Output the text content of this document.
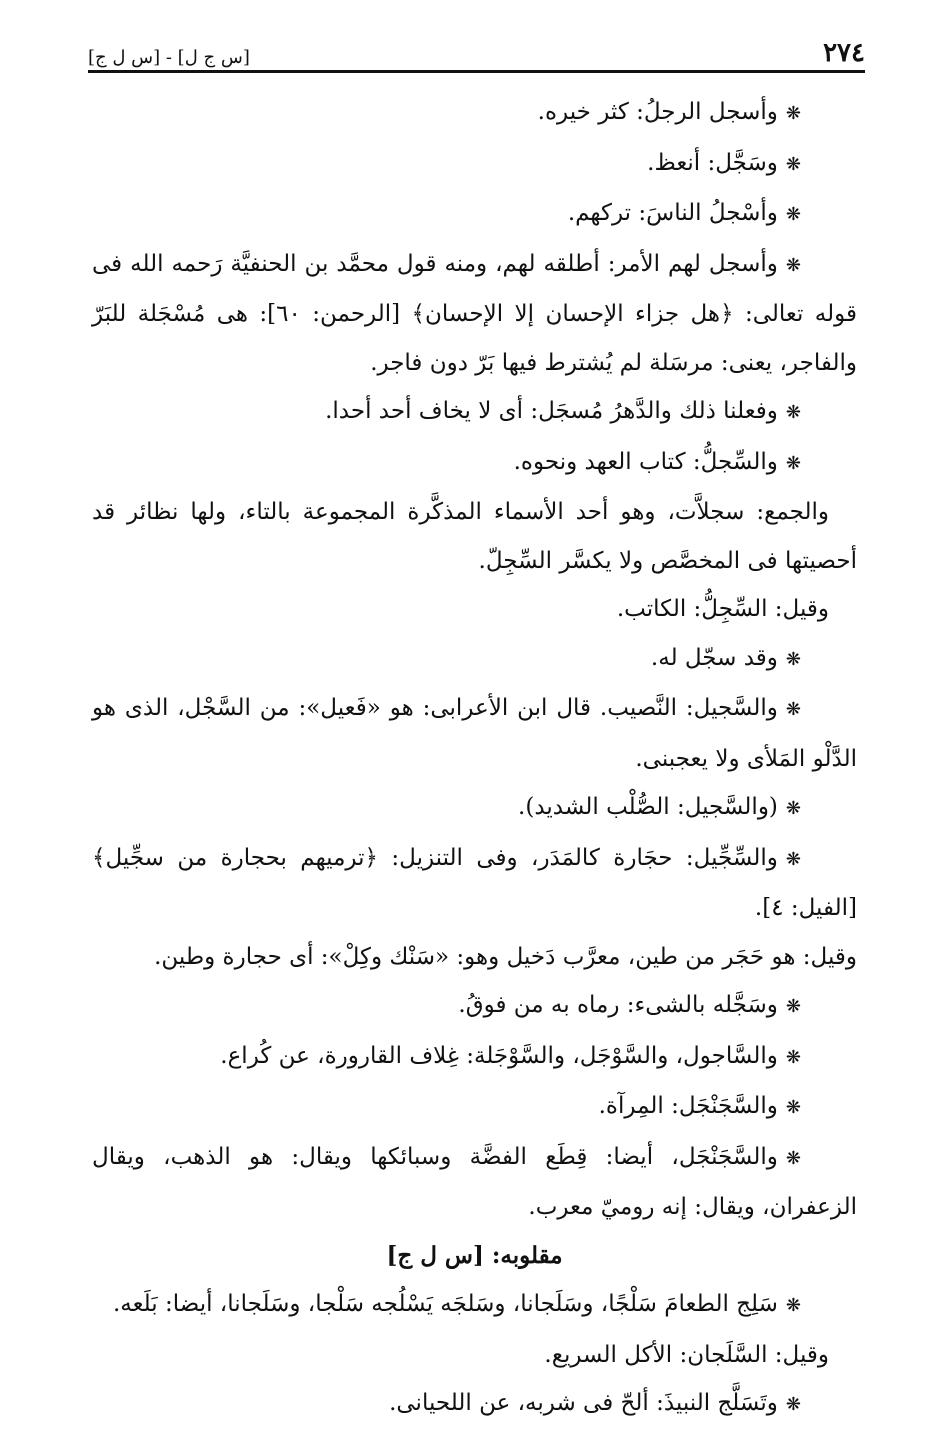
[س ج ل] - [س ل ج]	٢٧٤

❋وأسجل الرجلُ: كثر خيره.

❋وسَجَّل: أنعظ.

❋وأسْجلُ الناسَ: تركهم.

❋وأسجل لهم الأمر: أطلقه لهم، ومنه قول محمَّد بن الحنفيَّة رَحمه الله فى قوله تعالى: ﴿هل جزاء الإحسان إلا الإحسان﴾ [الرحمن: ٦٠]: هى مُسْجَلة للبَرّ والفاجر، يعنى: مرسَلة لم يُشترط فيها بَرّ دون فاجر.

❋وفعلنا ذلك والدَّهرُ مُسجَل: أى لا يخاف أحد أحدا.

❋والسِّجلُّ: كتاب العهد ونحوه.

والجمع: سجلاَّت، وهو أحد الأسماء المذكَّرة المجموعة بالتاء، ولها نظائر قد أحصيتها فى المخصَّص ولا يكسَّر السِّجِلّ.

وقيل: السِّجِلُّ: الكاتب.

❋وقد سجّل له.

❋والسَّجيل: النَّصيب. قال ابن الأعرابى: هو «فَعيل»: من السَّجْل، الذى هو الدَّلْو المَلأى ولا يعجبنى.

❋(والسَّجيل: الصُّلْب الشديد).

❋والسِّجِّيل: حجَارة كالمَدَر، وفى التنزيل: ﴿ترميهم بحجارة من سجِّيل﴾ [الفيل: ٤].

وقيل: هو حَجَر من طين، معرَّب دَخيل وهو: «سَنْك وكِلْ»: أى حجارة وطين.

❋وسَجَّله بالشىء: رماه به من فوقُ.

❋والسَّاجول، والسَّوْجَل، والسَّوْجَلة: غِلاف القارورة، عن كُراع.

❋والسَّجَنْجَل: المِرآة.

❋والسَّجَنْجَل، أيضا: قِطَع الفضَّة وسبائكها ويقال: هو الذهب، ويقال الزعفران، ويقال: إنه روميّ معرب.

مقلوبه: [س ل ج]

❋سَلِج الطعامَ سَلْجًا، وسَلَجانا، وسَلجَه يَسْلُجه سَلْجا، وسَلَجانا، أيضا: بَلَعه.

وقيل: السَّلَجان: الأكل السريع.

❋وتَسَلَّج النبيذَ: ألحّ فى شربه، عن اللحيانى.
